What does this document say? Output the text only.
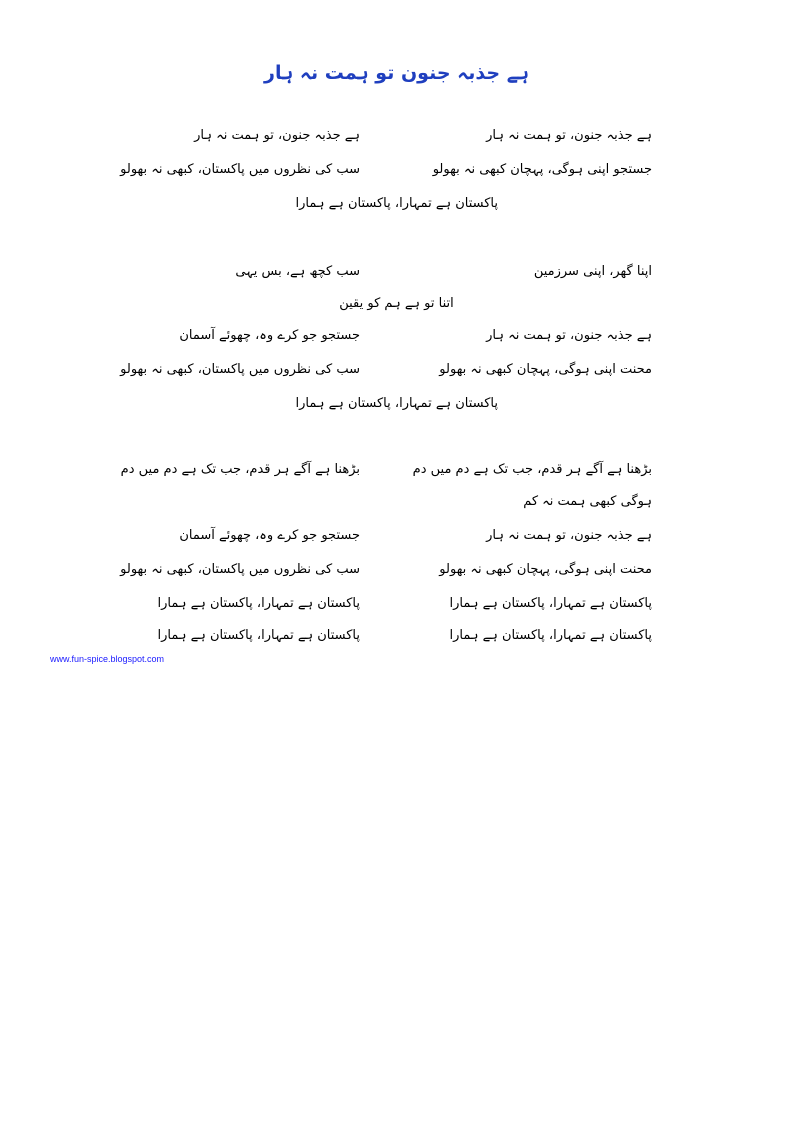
ہے جذبہ جنون تو ہمت نہ ہار
ہے جذبہ جنون، تو ہمت نہ ہار
ہے جذبہ جنون، تو ہمت نہ ہار
جستجو اپنی ہوگی، پہچان کبھی نہ بھولو
سب کی نظروں میں پاکستان، کبھی نہ بھولو
پاکستان ہے تمہارا، پاکستان ہے ہمارا
اپنا گھر، اپنی سرزمین
سب کچھ ہے، بس یہی
اتنا تو ہے ہم کو یقین
ہے جذبہ جنون، تو ہمت نہ ہار
جستجو جو کرے وہ، چھوئے آسمان
محنت اپنی ہوگی، پہچان کبھی نہ بھولو
سب کی نظروں میں پاکستان، کبھی نہ بھولو
پاکستان ہے تمہارا، پاکستان ہے ہمارا
بڑھنا ہے آگے ہر قدم، جب تک ہے دم میں دم
بڑھنا ہے آگے ہر قدم، جب تک ہے دم میں دم
ہوگی کبھی ہمت نہ کم
ہے جذبہ جنون، تو ہمت نہ ہار
جستجو جو کرے وہ، چھوئے آسمان
محنت اپنی ہوگی، پہچان کبھی نہ بھولو
سب کی نظروں میں پاکستان، کبھی نہ بھولو
پاکستان ہے تمہارا، پاکستان ہے ہمارا
پاکستان ہے تمہارا، پاکستان ہے ہمارا
پاکستان ہے تمہارا، پاکستان ہے ہمارا
پاکستان ہے تمہارا، پاکستان ہے ہمارا
www.fun-spice.blogspot.com
